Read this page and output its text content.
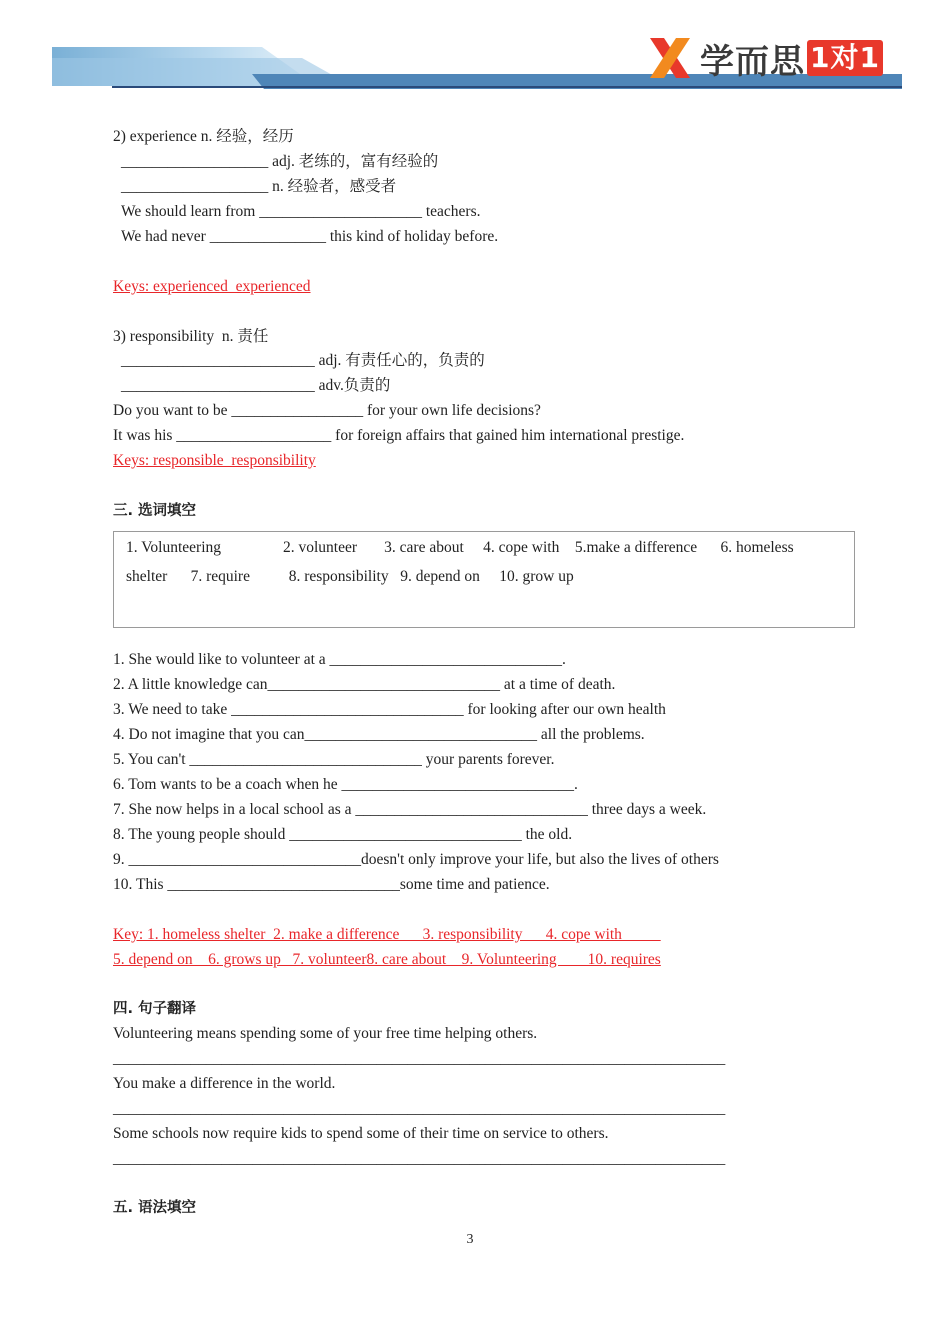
学而思 1对1
2) experience n. 经验，经历
___________________ adj. 老练的，富有经验的
___________________ n. 经验者，感受者
We should learn from _____________________ teachers.
We had never _______________ this kind of holiday before.
Keys: experienced  experienced
3) responsibility  n. 责任
_________________________ adj. 有责任心的，负责的
_________________________ adv.负责的
Do you want to be _________________ for your own life decisions?
It was his ____________________ for foreign affairs that gained him international prestige.
Keys: responsible  responsibility
三. 选词填空
1. Volunteering                2. volunteer       3. care about     4. cope with    5.make a difference      6. homeless
shelter      7. require          8. responsibility   9. depend on     10. grow up
1. She would like to volunteer at a ______________________________.
2. A little knowledge can______________________________ at a time of death.
3. We need to take ______________________________ for looking after our own health
4. Do not imagine that you can______________________________ all the problems.
5. You can't ______________________________ your parents forever.
6. Tom wants to be a coach when he ______________________________.
7. She now helps in a local school as a ______________________________ three days a week.
8. The young people should ______________________________ the old.
9. ______________________________doesn't only improve your life, but also the lives of others
10. This ______________________________some time and patience.
Key: 1. homeless shelter  2. make a difference      3. responsibility      4. cope with
5. depend on    6. grows up   7. volunteer8. care about    9. Volunteering        10. requires
四. 句子翻译
Volunteering means spending some of your free time helping others.
_______________________________________________________________________________
You make a difference in the world.
_______________________________________________________________________________
Some schools now require kids to spend some of their time on service to others.
_______________________________________________________________________________
五. 语法填空
3
